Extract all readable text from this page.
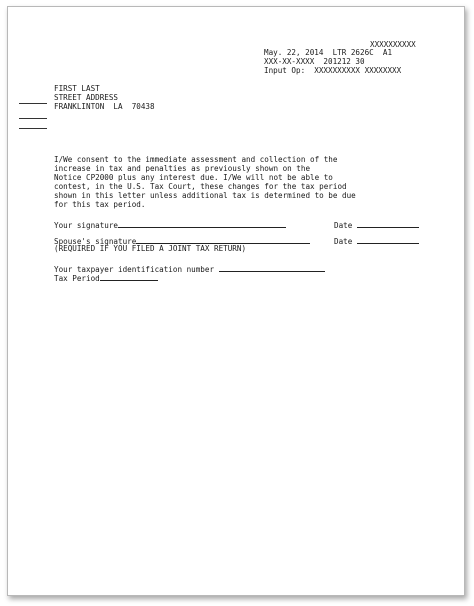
XXXXXXXXXX
May. 22, 2014  LTR 2626C  A1
XXX-XX-XXXX  201212 30
Input Op:  XXXXXXXXXX XXXXXXXX
FIRST LAST
STREET ADDRESS
FRANKLINTON  LA  70438
I/We consent to the immediate assessment and collection of the
increase in tax and penalties as previously shown on the
Notice CP2000 plus any interest due. I/We will not be able to
contest, in the U.S. Tax Court, these changes for the tax period
shown in this letter unless additional tax is determined to be due
for this tax period.
Your signature	Date
Spouse's signature	Date
(REQUIRED IF YOU FILED A JOINT TAX RETURN)
Your taxpayer identification number
Tax Period
